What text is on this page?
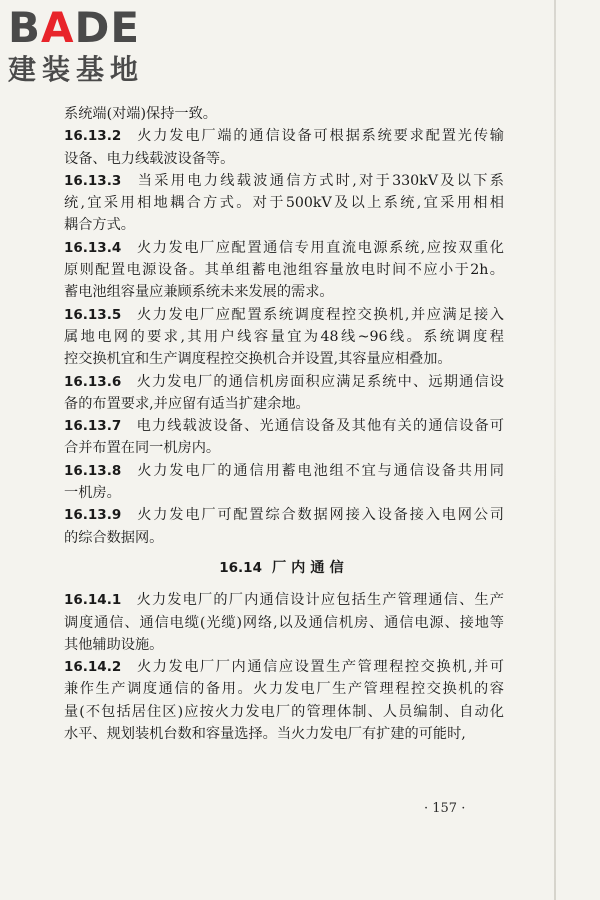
BADE
建装基地
系统端(对端)保持一致。
16.13.2  火力发电厂端的通信设备可根据系统要求配置光传输
设备、电力线载波设备等。
16.13.3  当采用电力线载波通信方式时,对于330kV及以下系
统,宜采用相地耦合方式。对于500kV及以上系统,宜采用相相
耦合方式。
16.13.4  火力发电厂应配置通信专用直流电源系统,应按双重化
原则配置电源设备。其单组蓄电池组容量放电时间不应小于2h。
蓄电池组容量应兼顾系统未来发展的需求。
16.13.5  火力发电厂应配置系统调度程控交换机,并应满足接入
属地电网的要求,其用户线容量宜为48线~96线。系统调度程
控交换机宜和生产调度程控交换机合并设置,其容量应相叠加。
16.13.6  火力发电厂的通信机房面积应满足系统中、远期通信设
备的布置要求,并应留有适当扩建余地。
16.13.7  电力线载波设备、光通信设备及其他有关的通信设备可
合并布置在同一机房内。
16.13.8  火力发电厂的通信用蓄电池组不宜与通信设备共用同
一机房。
16.13.9  火力发电厂可配置综合数据网接入设备接入电网公司
的综合数据网。
16.14 厂内通信
16.14.1  火力发电厂的厂内通信设计应包括生产管理通信、生产
调度通信、通信电缆(光缆)网络,以及通信机房、通信电源、接地等
其他辅助设施。
16.14.2  火力发电厂厂内通信应设置生产管理程控交换机,并可
兼作生产调度通信的备用。火力发电厂生产管理程控交换机的容
量(不包括居住区)应按火力发电厂的管理体制、人员编制、自动化
水平、规划装机台数和容量选择。当火力发电厂有扩建的可能时,
· 157 ·
